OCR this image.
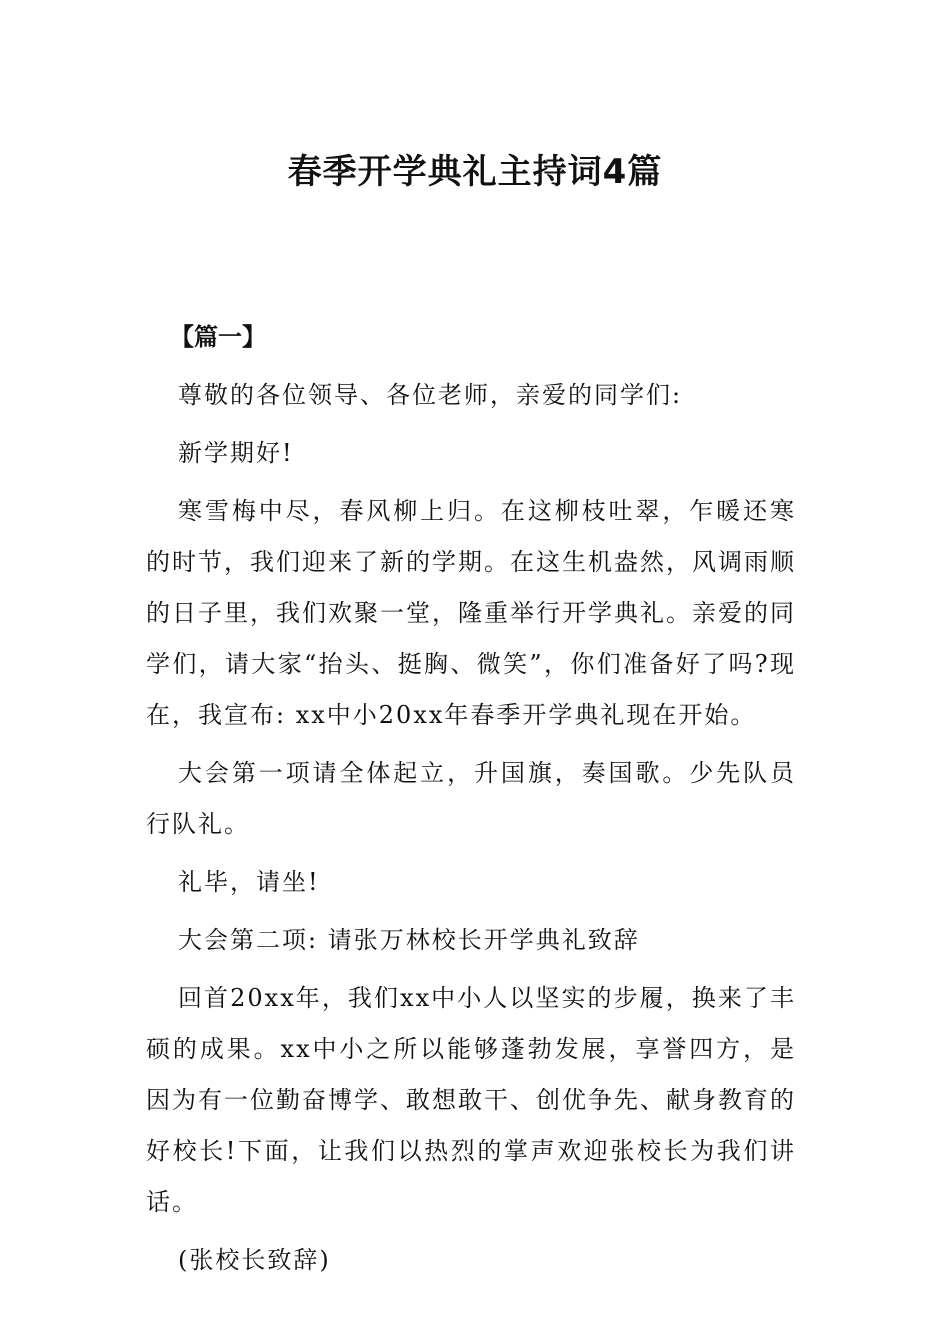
春季开学典礼主持词4篇

【篇一】

尊敬的各位领导、各位老师，亲爱的同学们:

新学期好!

寒雪梅中尽，春风柳上归。在这柳枝吐翠，乍暖还寒的时节，我们迎来了新的学期。在这生机盎然，风调雨顺的日子里，我们欢聚一堂，隆重举行开学典礼。亲爱的同学们，请大家“抬头、挺胸、微笑”，你们准备好了吗?现在，我宣布: xx中小20xx年春季开学典礼现在开始。

大会第一项请全体起立，升国旗，奏国歌。少先队员行队礼。

礼毕，请坐!

大会第二项: 请张万林校长开学典礼致辞

回首20xx年，我们xx中小人以坚实的步履，换来了丰硕的成果。xx中小之所以能够蓬勃发展，享誉四方，是因为有一位勤奋博学、敢想敢干、创优争先、献身教育的好校长!下面，让我们以热烈的掌声欢迎张校长为我们讲话。

(张校长致辞)
